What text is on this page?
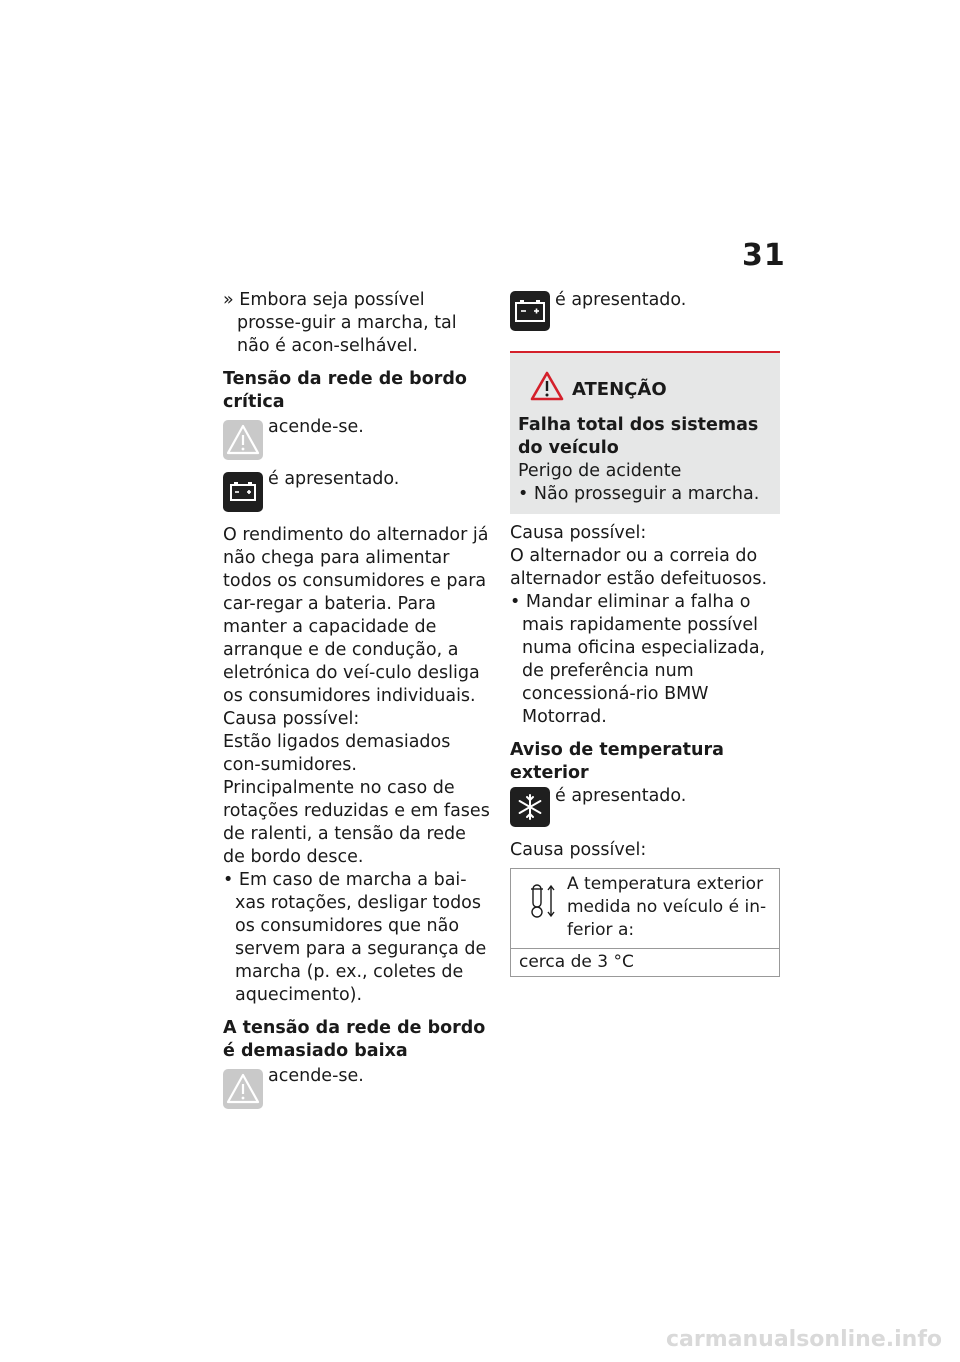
31

» Embora seja possível prosse-guir a marcha, tal não é acon-selhável.

Tensão da rede de bordo crítica

acende-se.

é apresentado.

O rendimento do alternador já não chega para alimentar todos os consumidores e para car-regar a bateria. Para manter a capacidade de arranque e de condução, a eletrónica do veí-culo desliga os consumidores individuais.

Causa possível:

Estão ligados demasiados con-sumidores. Principalmente no caso de rotações reduzidas e em fases de ralenti, a tensão da rede de bordo desce.

• Em caso de marcha a bai-xas rotações, desligar todos os consumidores que não servem para a segurança de marcha (p. ex., coletes de aquecimento).

A tensão da rede de bordo é demasiado baixa

acende-se.

é apresentado.

ATENÇÃO

Falha total dos sistemas do veículo

Perigo de acidente

• Não prosseguir a marcha.

Causa possível:

O alternador ou a correia do alternador estão defeituosos.

• Mandar eliminar a falha o mais rapidamente possível numa oficina especializada, de preferência num concessioná-rio BMW Motorrad.

Aviso de temperatura exterior

é apresentado.

Causa possível:

A temperatura exterior medida no veículo é in-ferior a:
cerca de 3 °C
carmanualsonline.info
